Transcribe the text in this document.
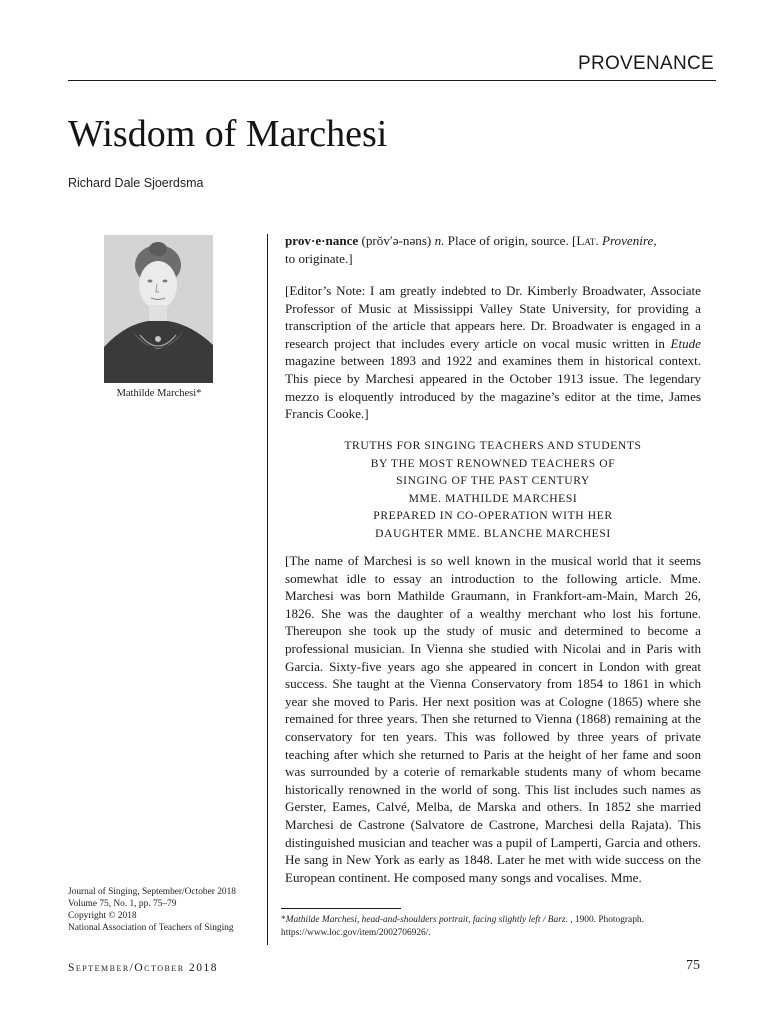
PROVENANCE
Wisdom of Marchesi
Richard Dale Sjoerdsma
Mathilde Marchesi*

prov·e·nance (prŏv′ə-nəns) n. Place of origin, source. [Lat. Provenire,
to originate.]

[Editor’s Note: I am greatly indebted to Dr. Kimberly Broadwater, Associate Professor of Music at Mississippi Valley State University, for providing a transcription of the article that appears here. Dr. Broadwater is engaged in a research project that includes every article on vocal music written in Etude magazine between 1893 and 1922 and examines them in historical context. This piece by Marchesi appeared in the October 1913 issue. The legendary mezzo is eloquently introduced by the magazine’s editor at the time, James Francis Cooke.]

TRUTHS FOR SINGING TEACHERS AND STUDENTS
BY THE MOST RENOWNED TEACHERS OF
SINGING OF THE PAST CENTURY
MME. MATHILDE MARCHESI
PREPARED IN CO-OPERATION WITH HER
DAUGHTER MME. BLANCHE MARCHESI

[The name of Marchesi is so well known in the musical world that it seems somewhat idle to essay an introduction to the following article. Mme. Marchesi was born Mathilde Graumann, in Frankfort-am-Main, March 26, 1826. She was the daughter of a wealthy merchant who lost his fortune. Thereupon she took up the study of music and determined to become a professional musician. In Vienna she studied with Nicolai and in Paris with Garcia. Sixty-five years ago she appeared in concert in London with great success. She taught at the Vienna Conservatory from 1854 to 1861 in which year she moved to Paris. Her next position was at Cologne (1865) where she remained for three years. Then she returned to Vienna (1868) remaining at the conservatory for ten years. This was followed by three years of private teaching after which she returned to Paris at the height of her fame and soon was surrounded by a coterie of remarkable students many of whom became historically renowned in the world of song. This list includes such names as Gerster, Eames, Calvé, Melba, de Marska and others. In 1852 she married Marchesi de Castrone (Salvatore de Castrone, Marchesi della Rajata). This distinguished musician and teacher was a pupil of Lamperti, Garcia and others. He sang in New York as early as 1848. Later he met with wide success on the European continent. He composed many songs and vocalises. Mme.

Journal of Singing, September/October 2018
Volume 75, No. 1, pp. 75–79
Copyright © 2018
National Association of Teachers of Singing
*Mathilde Marchesi, head-and-shoulders portrait, facing slightly left / Barz. , 1900. Photograph. https://www.loc.gov/item/2002706926/.
September/October 2018	75
